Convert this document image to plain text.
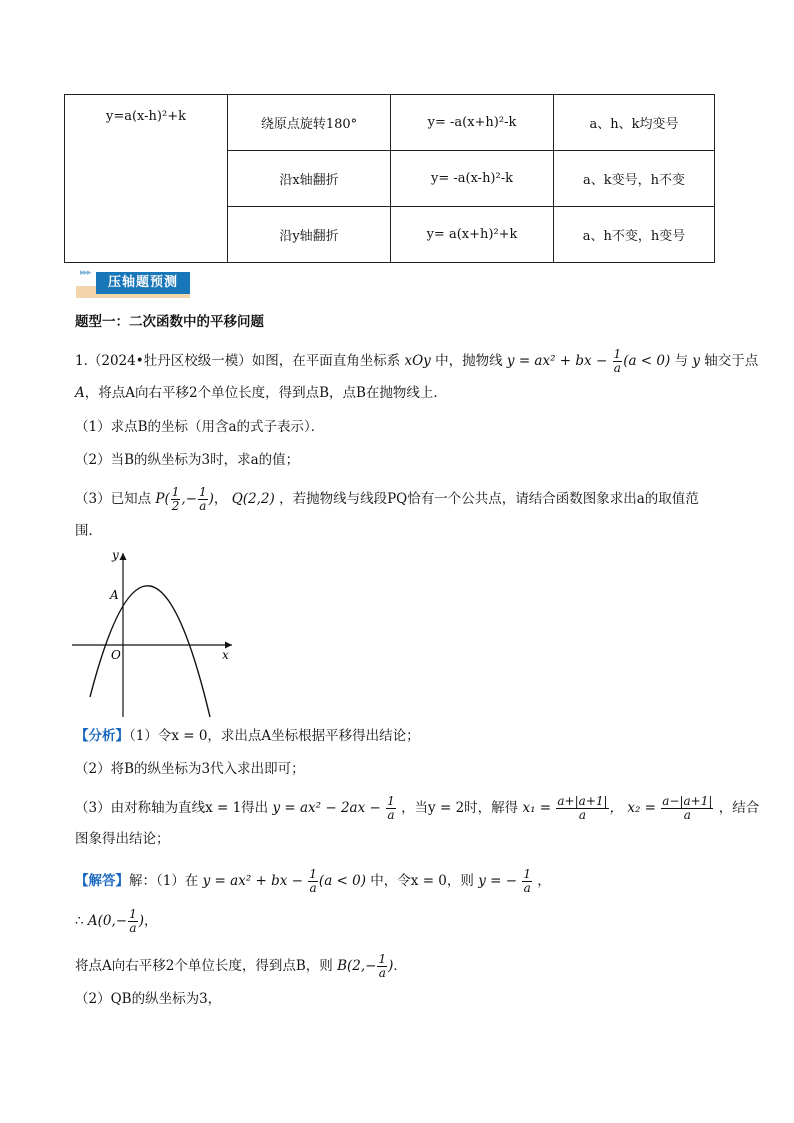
y=a(x-h)²+k	绕原点旋转180°	y= -a(x+h)²-k	a、h、k均变号
	沿x轴翻折	y= -a(x-h)²-k	a、k变号，h不变
	沿y轴翻折	y= a(x+h)²+k	a、h不变，h变号
▸▸▸
压轴题预测
题型一：二次函数中的平移问题
1.（2024•牡丹区校级一模）如图，在平面直角坐标系 xOy 中，抛物线 y = ax² + bx − $\frac{1}{a} (a < 0)$ 与 y 轴交于点
A，将点A向右平移2个单位长度，得到点B，点B在抛物线上．
（1）求点B的坐标（用含a的式子表示）．
（2）当B的纵坐标为3时，求a的值；
（3）已知点 $P( \frac{1}{2}$ ,− $\frac{1}{a}$ )， Q(2,2) ，若抛物线与线段PQ恰有一个公共点，请结合函数图象求出a的取值范
围．
y
x
A
O
【分析】（1）令x = 0，求出点A坐标根据平移得出结论；
（2）将B的纵坐标为3代入求出即可；
（3）由对称轴为直线x = 1得出 $y = ax^2 - 2ax - \frac{1}{a}$ ，当y = 2时，解得 $x_1 = \frac{a+|a+1|}{a}$ ， $x_2 = \frac{a-|a+1|}{a}$ ，结合
图象得出结论；
【解答】解：（1）在 y = ax² + bx − $\frac{1}{a} (a < 0)$ 中，令x = 0，则 y = − $\frac{1}{a}$ ，
∴ $A(0,- \frac{1}{a}$ )，
将点A向右平移2个单位长度，得到点B，则 $B(2,- \frac{1}{a}$ )．
（2）QB的纵坐标为3，
